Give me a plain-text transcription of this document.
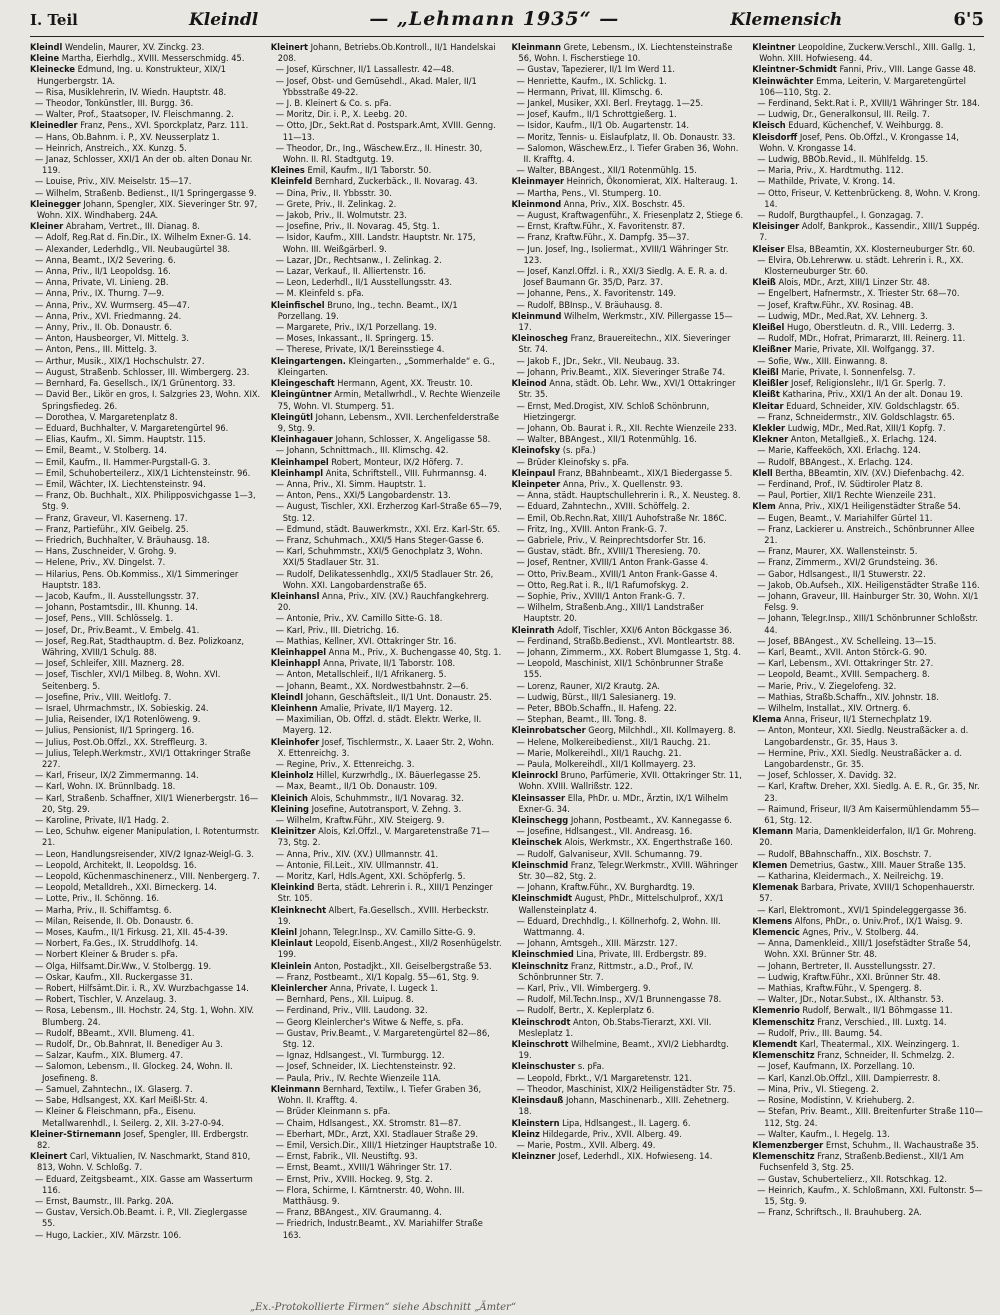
I. Teil	Kleindl	— „Lehmann 1935“ —	Klemensich	6'5

Kleindl Wendelin, Maurer, XV. Zinckg. 23.

Kleine Martha, Eierhdlg., XVIII. Messerschmidg. 45.

Kleinecke Edmund, Ing. u. Konstrukteur, XIX/1 Hungerbergstr. 1A.

— Risa, Musiklehrerin, IV. Wiedn. Hauptstr. 48.

— Theodor, Tonkünstler, III. Burgg. 36.

— Walter, Prof., Staatsoper, IV. Fleischmanng. 2.

Kleinedler Franz, Pens., XVI. Sporckplatz, Parz. 111.

— Hans, Ob.Bahnm. i. P., XV. Neusserplatz 1.

— Heinrich, Anstreich., XX. Kunzg. 5.

— Janaz, Schlosser, XXI/1 An der ob. alten Donau Nr. 119.

— Louise, Priv., XIV. Meiselstr. 15—17.

— Wilhelm, Straßenb. Bedienst., II/1 Springergasse 9.

Kleinegger Johann, Spengler, XIX. Sieveringer Str. 97, Wohn. XIX. Windhaberg. 24A.

Kleiner Abraham, Vertret., III. Dianag. 8.

— Adolf, Reg.Rat d. Fin.Dir., IX. Wilhelm Exner-G. 14.

— Alexander, Lederhdlg., VII. Neubaugürtel 38.

— Anna, Beamt., IX/2 Severing. 6.

— Anna, Priv., II/1 Leopoldsg. 16.

— Anna, Private, VI. Linieng. 2B.

— Anna, Priv., IX. Thurng. 7—9.

— Anna, Priv., XV. Wurmserg. 45—47.

— Anna, Priv., XVI. Friedmanng. 24.

— Anny, Priv., II. Ob. Donaustr. 6.

— Anton, Hausbeorger, VI. Mittelg. 3.

— Anton, Pens., III. Mittelg. 3.

— Arthur, Musik., XIX/1 Hochschulstr. 27.

— August, Straßenb. Schlosser, III. Wimbergerg. 23.

— Bernhard, Fa. Gesellsch., IX/1 Grünentorg. 33.

— David Ber., Likör en gros, I. Salzgries 23, Wohn. XIX. Springsfiedeg. 26.

— Dorothea, V. Margaretenplatz 8.

— Eduard, Buchhalter, V. Margaretengürtel 96.

— Elias, Kaufm., XI. Simm. Hauptstr. 115.

— Emil, Beamt., V. Stolberg. 14.

— Emil, Kaufm., II. Hammer-Purgstall-G. 3.

— Emil, Schuhoberteilerz., XIX/1 Lichtensteinstr. 96.

— Emil, Wächter, IX. Liechtensteinstr. 94.

— Franz, Ob. Buchhalt., XIX. Philipposvichgasse 1—3, Stg. 9.

— Franz, Graveur, VI. Kaserneng. 17.

— Franz, Partieführ., XIV. Geibelg. 25.

— Friedrich, Buchhalter, V. Bräuhausg. 18.

— Hans, Zuschneider, V. Grohg. 9.

— Helene, Priv., XV. Dingelst. 7.

— Hilarius, Pens. Ob.Kommiss., XI/1 Simmeringer Hauptstr. 183.

— Jacob, Kaufm., II. Ausstellungsstr. 37.

— Johann, Postamtsdir., III. Khunng. 14.

— Josef, Pens., VIII. Schlösselg. 1.

— Josef, Dr., Priv.Beamt., V. Embelg. 41.

— Josef, Reg.Rat, Stadthauptm. d. Bez. Polizkoanz, Währing, XVIII/1 Schulg. 88.

— Josef, Schleifer, XIII. Maznerg. 28.

— Josef, Tischler, XVI/1 Milbeg. 8, Wohn. XVI. Seitenberg. 5.

— Josefine, Priv., VIII. Weitlofg. 7.

— Israel, Uhrmachmstr., IX. Sobieskig. 24.

— Julia, Reisender, IX/1 Rotenlöweng. 9.

— Julius, Pensionist, II/1 Springerg. 16.

— Julius, Post.Ob.Offzl., XX. Streffleurg. 3.

— Julius, Teleph.Werkmstr., XVI/1 Ottakringer Straße 227.

— Karl, Friseur, IX/2 Zimmermanng. 14.

— Karl, Wohn. IX. Brünnlbadg. 18.

— Karl, Straßenb. Schaffner, XII/1 Wienerbergstr. 16—20, Stg. 29.

— Karoline, Private, II/1 Hadg. 2.

— Leo, Schuhw. eigener Manipulation, I. Rotenturmstr. 21.

— Leon, Handlungsreisender, XIV/2 Ignaz-Weigl-G. 3.

— Leopold, Architekt, II. Leopoldsg. 16.

— Leopold, Küchenmaschinenerz., VIII. Nenbergerg. 7.

— Leopold, Metalldreh., XXI. Birneckerg. 14.

— Lotte, Priv., II. Schönng. 16.

— Marha, Priv., II. Schiffamtsg. 6.

— Milan, Reisende, II. Ob. Donaustr. 6.

— Moses, Kaufm., II/1 Firkusg. 21, XII. 45-4-39.

— Norbert, Fa.Ges., IX. Struddlhofg. 14.

— Norbert Kleiner & Bruder s. pFa.

— Olga, Hilfsamt.Dir.Ww., V. Stolbergg. 19.

— Oskar, Kaufm., XII. Ruckergasse 31.

— Robert, Hilfsämt.Dir. i. R., XV. Wurzbachgasse 14.

— Robert, Tischler, V. Anzelaug. 3.

— Rosa, Lebensm., III. Hochstr. 24, Stg. 1, Wohn. XIV. Blumberg. 24.

— Rudolf, BBeamt., XVII. Blumeng. 41.

— Rudolf, Dr., Ob.Bahnrat, II. Benediger Au 3.

— Salzar, Kaufm., XIX. Blumerg. 47.

— Salomon, Lebensm., II. Glockeg. 24, Wohn. II. Josefineng. 8.

— Samuel, Zahntechn., IX. Glaserg. 7.

— Sabe, Hdlsangest, XX. Karl Meißl-Str. 4.

— Kleiner & Fleischmann, pFa., Eisenu. Metallwarenhdl., I. Seilerg. 2, XII. 3-27-0-94.

Kleiner-Stirnemann Josef, Spengler, III. Erdbergstr. 82.

Kleinert Carl, Viktualien, IV. Naschmarkt, Stand 810, 813, Wohn. V. Schloßg. 7.

— Eduard, Zeitgsbeamt., XIX. Gasse am Wasserturm 116.

— Ernst, Baumstr., III. Parkg. 20A.

— Gustav, Versich.Ob.Beamt. i. P., VII. Zieglergasse 55.

— Hugo, Lackier., XIV. Märzstr. 106.

Kleinert Johann, Betriebs.Ob.Kontroll., II/1 Handelskai 208.

— Josef, Kürschner, II/1 Lassallestr. 42—48.

— Josef, Obst- und Gemüsehdl., Akad. Maler, II/1 Ybbsstraße 49-22.

— J. B. Kleinert & Co. s. pFa.

— Moritz, Dir. i. P., X. Leebg. 20.

— Otto, JDr., Sekt.Rat d. Postspark.Amt, XVIII. Genng. 11—13.

— Theodor, Dr., Ing., Wäschew.Erz., II. Hinestr. 30, Wohn. II. Rl. Stadtgutg. 19.

Kleines Emil, Kaufm., II/1 Taborstr. 50.

Kleinfeld Bernhard, Zuckerbäck., II. Novarag. 43.

— Dina, Priv., II. Ybbsstr. 30.

— Grete, Priv., II. Zelinkag. 2.

— Jakob, Priv., II. Wolmutstr. 23.

— Josefine, Priv., II. Novarag. 45, Stg. 1.

— Isidor, Kaufm., XIII. Landstr. Hauptstr. Nr. 175, Wohn. III. Weißgärberl. 9.

— Lazar, JDr., Rechtsanw., I. Zelinkag. 2.

— Lazar, Verkauf., II. Alliertenstr. 16.

— Leon, Lederhdl., II/1 Ausstellungsstr. 43.

— M. Kleinfeld s. pFa.

Kleinfischel Bruno, Ing., techn. Beamt., IX/1 Porzellang. 19.

— Margarete, Priv., IX/1 Porzellang. 19.

— Moses, Inkassant., II. Springerg. 15.

— Therese, Private, IX/1 Bereinsstiege 4.

Kleingartengen. Kleingarten., „Sommerhalde“ e. G., Kleingarten.

Kleingeschaft Hermann, Agent, XX. Treustr. 10.

Kleingüntner Armin, Metallwrhdl., V. Rechte Wienzeile 75, Wohn. VI. Stumperg. 51.

Kleingütl Johann, Lebensm., XVII. Lerchenfelderstraße 9, Stg. 9.

Kleinhagauer Johann, Schlosser, X. Angeligasse 58.

— Johann, Schnittmach., III. Klimschg. 42.

Kleinhampel Robert, Monteur, IX/2 Höferg. 7.

Kleinhampl Anita, Schriftstell., VIII. Fuhrmannsg. 4.

— Anna, Priv., XI. Simm. Hauptstr. 1.

— Anton, Pens., XXI/5 Langobardenstr. 13.

— August, Tischler, XXI. Erzherzog Karl-Straße 65—79, Stg. 12.

— Edmund, städt. Bauwerkmstr., XXI. Erz. Karl-Str. 65.

— Franz, Schuhmach., XXI/5 Hans Steger-Gasse 6.

— Karl, Schuhmmstr., XXI/5 Genochplatz 3, Wohn. XXI/5 Stadlauer Str. 31.

— Rudolf, Delikatessenhdlg., XXI/5 Stadlauer Str. 26, Wohn. XXI. Langobardenstraße 65.

Kleinhansl Anna, Priv., XIV. (XV.) Rauchfangkehrerg. 20.

— Antonie, Priv., XV. Camillo Sitte-G. 18.

— Karl, Priv., III. Dietrichg. 16.

— Mathias, Kellner, XVI. Ottakringer Str. 16.

Kleinhappel Anna M., Priv., X. Buchengasse 40, Stg. 1.

Kleinhappl Anna, Private, II/1 Taborstr. 108.

— Anton, Metallschleif., II/1 Afrikanerg. 5.

— Johann, Beamt., XX. Nordwestbahnstr. 2—6.

Kleindl Johann, Geschäftsleit., II/1 Unt. Donaustr. 25.

Kleinhenn Amalie, Private, II/1 Mayerg. 12.

— Maximilian, Ob. Offzl. d. städt. Elektr. Werke, II. Mayerg. 12.

Kleinhofer Josef, Tischlermstr., X. Laaer Str. 2, Wohn. X. Ettenreichg. 3.

— Regine, Priv., X. Ettenreichg. 3.

Kleinholz Hillel, Kurzwrhdlg., IX. Bäuerlegasse 25.

— Max, Beamt., II/1 Ob. Donaustr. 109.

Kleinich Alois, Schuhmmstr., II/1 Novarag. 32.

Kleining Josefine, Autotransport, V. Zehng. 3.

— Wilhelm, Kraftw.Führ., XIV. Steigerg. 9.

Kleinitzer Alois, Kzl.Offzl., V. Margaretenstraße 71—73, Stg. 2.

— Anna, Priv., XIV. (XV.) Ullmannstr. 41.

— Antonie, Fil.Leit., XIV. Ullmannstr. 41.

— Moritz, Karl, Hdls.Agent, XXI. Schöpferlg. 5.

Kleinkind Berta, städt. Lehrerin i. R., XIII/1 Penzinger Str. 105.

Kleinknecht Albert, Fa.Gesellsch., XVIII. Herbeckstr. 19.

Kleinl Johann, Telegr.Insp., XV. Camillo Sitte-G. 9.

Kleinlaut Leopold, Eisenb.Angest., XII/2 Rosenhügelstr. 199.

Kleinlein Anton, Postadjkt., XII. Geiselbergstraße 53.

— Franz, Postbeamt., XI/1 Kopalg. 55—61, Stg. 9.

Kleinlercher Anna, Private, I. Lugeck 1.

— Bernhard, Pens., XII. Luipug. 8.

— Ferdinand, Priv., VIII. Laudong. 32.

— Georg Kleinlercher's Witwe & Neffe, s. pFa.

— Gustav, Priv.Beamt., V. Margaretengürtel 82—86, Stg. 12.

— Ignaz, Hdlsangest., VI. Turmburgg. 12.

— Josef, Schneider, IX. Liechtensteinstr. 92.

— Paula, Priv., IV. Rechte Wienzeile 11A.

Kleinmann Bernhard, Textilw., I. Tiefer Graben 36, Wohn. II. Krafftg. 4.

— Brüder Kleinmann s. pFa.

— Chaim, Hdlsangest., XX. Stromstr. 81—87.

— Eberhart, MDr., Arzt, XXI. Stadlauer Straße 29.

— Emil, Versich.Dir., XIII/1 Hietzinger Hauptstraße 10.

— Ernst, Fabrik., VII. Neustiftg. 93.

— Ernst, Beamt., XVIII/1 Währinger Str. 17.

— Ernst, Priv., XVIII. Hockeg. 9, Stg. 2.

— Flora, Schirme, I. Kärntnerstr. 40, Wohn. III. Matthäusg. 9.

— Franz, BBAngest., XIV. Graumanng. 4.

— Friedrich, Industr.Beamt., XV. Mariahilfer Straße 163.

Kleinmann Grete, Lebensm., IX. Liechtensteinstraße 56, Wohn. I. Fischerstiege 10.

— Gustav, Tapezierer, II/1 Im Werd 11.

— Henriette, Kaufm., IX. Schlickg. 1.

— Hermann, Privat, III. Klimschg. 6.

— Jankel, Musiker, XXI. Berl. Freytagg. 1—25.

— Josef, Kaufm., II/1 Schrottgießerg. 1.

— Isidor, Kaufm., II/1 Ob. Augartenstr. 14.

— Moritz, Tennis- u. Eislaufplatz, II. Ob. Donaustr. 33.

— Salomon, Wäschew.Erz., I. Tiefer Graben 36, Wohn. II. Krafftg. 4.

— Walter, BBAngest., XII/1 Rotenmühlg. 15.

Kleinmayer Heinrich, Ökonomierat, XIX. Halteraug. 1.

— Martha, Pens., VI. Stumperg. 10.

Kleinmond Anna, Priv., XIX. Boschstr. 45.

— August, Kraftwagenführ., X. Friesenplatz 2, Stiege 6.

— Ernst, Kraftw.Führ., X. Favoritenstr. 87.

— Franz, Kraftw.Führ., X. Dampfg. 35—37.

— Jun. Josef, Ing., Isoliermat., XVIII/1 Währinger Str. 123.

— Josef, Kanzl.Offzl. i. R., XXI/3 Siedlg. A. E. R. a. d. Josef Baumann Gr. 35/D, Parz. 37.

— Johanne, Pens., X. Favoritenstr. 149.

— Rudolf, BBInsp., V. Bräuhausg. 8.

Kleinmund Wilhelm, Werkmstr., XIV. Pillergasse 15—17.

Kleinoscheg Franz, Brauereitechn., XIX. Sieveringer Str. 74.

— Jakob F., JDr., Sekr., VII. Neubaug. 33.

— Johann, Priv.Beamt., XIX. Sieveringer Straße 74.

Kleinod Anna, städt. Ob. Lehr. Ww., XVI/1 Ottakringer Str. 35.

— Ernst, Med.Drogist, XIV. Schloß Schönbrunn, Hietzingergr.

— Johann, Ob. Baurat i. R., XII. Rechte Wienzeile 233.

— Walter, BBAngest., XII/1 Rotenmühlg. 16.

Kleinofsky (s. pFa.)

— Brüder Kleinofsky s. pFa.

Kleinpaul Franz, BBahnbeamt., XIX/1 Biedergasse 5.

Kleinpeter Anna, Priv., X. Quellenstr. 93.

— Anna, städt. Hauptschullehrerin i. R., X. Neusteg. 8.

— Eduard, Zahntechn., XVIII. Schöffelg. 2.

— Emil, Ob.Rechn.Rat, XIII/1 Auhofstraße Nr. 186C.

— Fritz, Ing., XVIII. Anton Frank-G. 7.

— Gabriele, Priv., V. Reinprechtsdorfer Str. 16.

— Gustav, städt. Bfr., XVIII/1 Theresieng. 70.

— Josef, Rentner, XVIII/1 Anton Frank-Gasse 4.

— Otto, Priv.Beam., XVIII/1 Anton Frank-Gasse 4.

— Otto, Reg.Rat i. R., II/1 Rafumofskyg. 2.

— Sophie, Priv., XVIII/1 Anton Frank-G. 7.

— Wilhelm, Straßenb.Ang., XIII/1 Landstraßer Hauptstr. 20.

Kleinrath Adolf, Tischler, XXI/6 Anton Böckgasse 36.

— Ferdinand, Straßb.Bedienst., XVI. Montleartstr. 88.

— Johann, Zimmerm., XX. Robert Blumgasse 1, Stg. 4.

— Leopold, Maschinist, XII/1 Schönbrunner Straße 155.

— Lorenz, Rauner, XI/2 Krautg. 2A.

— Ludwig, Bürst., III/1 Salesianerg. 19.

— Peter, BBOb.Schaffn., II. Hafeng. 22.

— Stephan, Beamt., III. Tong. 8.

Kleinrobatscher Georg, Milchhdl., XII. Kollmayerg. 8.

— Helene, Molkereibedienst., XII/1 Rauchg. 21.

— Marie, Molkereihdl., XII/1 Rauchg. 21.

— Paula, Molkereihdl., XII/1 Kollmayerg. 23.

Kleinrockl Bruno, Parfümerie, XVII. Ottakringer Str. 11, Wohn. XVIII. Wallrißstr. 122.

Kleinsasser Ella, PhDr. u. MDr., Ärztin, IX/1 Wilhelm Exner-G. 34.

Kleinschegg Johann, Postbeamt., XV. Kannegasse 6.

— Josefine, Hdlsangest., VII. Andreasg. 16.

Kleinschek Alois, Werkmstr., XX. Engerthstraße 160.

— Rudolf, Galvaniseur, XVII. Schumanng. 79.

Kleinschmid Franz, Telegr.Werkmstr., XVIII. Währinger Str. 30—82, Stg. 2.

— Johann, Kraftw.Führ., XV. Burghardtg. 19.

Kleinschmidt August, PhDr., Mittelschulprof., XX/1 Wallensteinplatz 4.

— Eduard, Drechhdlg., I. Köllnerhofg. 2, Wohn. III. Wattmanng. 4.

— Johann, Amtsgeh., XIII. Märzstr. 127.

Kleinschmied Lina, Private, III. Erdbergstr. 89.

Kleinschnitz Franz, Rittmstr., a.D., Prof., IV. Schönbrunner Str. 7.

— Karl, Priv., VII. Wimbergerg. 9.

— Rudolf, Mil.Techn.Insp., XV/1 Brunnengasse 78.

— Rudolf, Bertr., X. Keplerplatz 6.

Kleinschrodt Anton, Ob.Stabs-Tierarzt, XXI. VII. Mesleplatz 1.

Kleinschrott Wilhelmine, Beamt., XVI/2 Liebhardtg. 19.

Kleinschuster s. pFa.

— Leopold, Fbrkt., V/1 Margaretenstr. 121.

— Theodor, Maschinist, XIX/2 Heiligenstädter Str. 75.

Kleinsdauß Johann, Maschinenarb., XIII. Zehetnerg. 18.

Kleinstern Lipa, Hdlsangest., II. Lagerg. 6.

Kleinz Hildegarde, Priv., XVII. Alberg. 49.

— Marie, Postm., XVII. Alberg. 49.

Kleinzner Josef, Lederhdl., XIX. Hofwieseng. 14.

Kleintner Leopoldine, Zuckerw.Verschl., XIII. Gallg. 1, Wohn. XIII. Hofwieseng. 44.

Kleintner-Schmidt Fanni, Priv., VIII. Lange Gasse 48.

Kleinwächter Emma, Leiterin, V. Margaretengürtel 106—110, Stg. 2.

— Ferdinand, Sekt.Rat i. P., XVIII/1 Währinger Str. 184.

— Ludwig, Dr., Generalkonsul, III. Reilg. 7.

Kleisch Eduard, Küchenchef, V. Weihburgg. 8.

Kleisdorff Josef, Pens. Ob.Offzl., V. Krongasse 14, Wohn. V. Krongasse 14.

— Ludwig, BBOb.Revid., II. Mühlfeldg. 15.

— Maria, Priv., X. Hardtmuthg. 112.

— Mathilde, Private, V. Krong. 14.

— Otto, Friseur, V. Kettenbrückeng. 8, Wohn. V. Krong. 14.

— Rudolf, Burgthaupfel., I. Gonzagag. 7.

Kleisinger Adolf, Bankprok., Kassendir., XIII/1 Suppég. 7.

Kleiser Elsa, BBeamtin, XX. Klosterneuburger Str. 60.

— Elvira, Ob.Lehrerww. u. städt. Lehrerin i. R., XX. Klosterneuburger Str. 60.

Kleiß Alois, MDr., Arzt, XIII/1 Linzer Str. 48.

— Engelbert, Hafnermstr., X. Triester Str. 68—70.

— Josef, Kraftw.Führ., XV. Rosinag. 4B.

— Ludwig, MDr., Med.Rat, XV. Lehnerg. 3.

Kleißel Hugo, Oberstleutn. d. R., VIII. Lederrg. 3.

— Rudolf, MDr., Hofrat, Primararzt, III. Reinerg. 11.

Kleißner Marie, Private, XII. Wolfgangg. 37.

— Sofie, Ww., XIII. Einwanng. 8.

Kleißl Marie, Private, I. Sonnenfelsg. 7.

Kleißler Josef, Religionslehr., II/1 Gr. Sperlg. 7.

Kleißt Katharina, Priv., XXI/1 An der alt. Donau 19.

Kleitar Eduard, Schneider, XIV. Goldschlagstr. 65.

— Franz, Schneidermstr., XIV. Goldschlagstr. 65.

Klekler Ludwig, MDr., Med.Rat, XIII/1 Kopfg. 7.

Klekner Anton, Metallgieß., X. Erlachg. 124.

— Marie, Kaffeeköch, XXI. Erlachg. 124.

— Rudolf, BBAngest., X. Erlachg. 124.

Klell Bertha, BBeamtin, XIV. (XV.) Diefenbachg. 42.

— Ferdinand, Prof., IV. Südtiroler Platz 8.

— Paul, Portier, XII/1 Rechte Wienzeile 231.

Klem Anna, Priv., XIX/1 Heiligenstädter Straße 54.

— Eugen, Beamt., V. Mariahilfer Gürtel 11.

— Franz, Lackierer u. Anstreich., Schönbrunner Allee 21.

— Franz, Maurer, XX. Wallensteinstr. 5.

— Franz, Zimmerm., XVI/2 Grundsteing. 36.

— Gabor, Hdlsangest., II/1 Stuwerstr. 22.

— Jakob, Ob.Aufseh., XIX. Heiligenstädter Straße 116.

— Johann, Graveur, III. Hainburger Str. 30, Wohn. XI/1 Felsg. 9.

— Johann, Telegr.Insp., XIII/1 Schönbrunner Schloßstr. 44.

— Josef, BBAngest., XV. Schelleing. 13—15.

— Karl, Beamt., XVII. Anton Störck-G. 90.

— Karl, Lebensm., XVI. Ottakringer Str. 27.

— Leopold, Beamt., XVIII. Sempacherg. 8.

— Marie, Priv., V. Ziegelofeng. 32.

— Mathias, Straßb.Schaffn., XIV. Johnstr. 18.

— Wilhelm, Installat., XIV. Ortnerg. 6.

Klema Anna, Friseur, II/1 Sternechplatz 19.

— Anton, Monteur, XXI. Siedlg. Neustraßäcker a. d. Langobardenstr., Gr. 35, Haus 3.

— Hermine, Priv., XXI. Siedlg. Neustraßäcker a. d. Langobardenstr., Gr. 35.

— Josef, Schlosser, X. Davidg. 32.

— Karl, Kraftw. Dreher, XXI. Siedlg. A. E. R., Gr. 35, Nr. 23.

— Raimund, Friseur, II/3 Am Kaisermühlendamm 55—61, Stg. 12.

Klemann Maria, Damenkleiderfalon, II/1 Gr. Mohreng. 20.

— Rudolf, BBahnschaffn., XIX. Boschstr. 7.

Klemen Demetrius, Gastw., XIII. Mauer Straße 135.

— Katharina, Kleidermach., X. Neilreichg. 19.

Klemenak Barbara, Private, XVIII/1 Schopenhauerstr. 57.

— Karl, Elektromont., XVI/1 Spindeleggergasse 36.

Klemens Alfons, PhDr., o. Univ.Prof., IX/1 Waisg. 9.

Klemencic Agnes, Priv., V. Stolberg. 44.

— Anna, Damenkleid., XIII/1 Josefstädter Straße 54, Wohn. XXI. Brünner Str. 48.

— Johann, Bertreter, II. Ausstellungsstr. 27.

— Ludwig, Kraftw.Führ., XXI. Brünner Str. 48.

— Mathias, Kraftw.Führ., V. Spengerg. 8.

— Walter, JDr., Notar.Subst., IX. Althanstr. 53.

Klemenrio Rudolf, Berwalt., II/1 Böhmgasse 11.

Klemenschitz Franz, Verschied., III. Luxtg. 14.

— Rudolf, Priv., III. Baumg. 54.

Klemendt Karl, Theatermal., XIX. Weinzingerg. 1.

Klemenschitz Franz, Schneider, II. Schmelzg. 2.

— Josef, Kaufmann, IX. Porzellang. 10.

— Karl, Kanzl.Ob.Offzl., XIII. Dampierrestr. 8.

— Mina, Priv., VI. Stiegeng. 2.

— Rosine, Modistinn, V. Kriehuberg. 2.

— Stefan, Priv. Beamt., XIII. Breitenfurter Straße 110—112, Stg. 24.

— Walter, Kaufm., I. Hegelg. 13.

Klemenzberger Ernst, Schuhm., II. Wachaustraße 35.

Klemenschitz Franz, Straßenb.Bedienst., XII/1 Am Fuchsenfeld 3, Stg. 25.

— Gustav, Schubertelierz., XII. Rotschkag. 12.

— Heinrich, Kaufm., X. Schloßmann, XXI. Fultonstr. 5—15, Stg. 9.

— Franz, Schriftsch., II. Brauhuberg. 2A.

„Ex.-Protokollierte Firmen“ siehe Abschnitt „Ämter“
